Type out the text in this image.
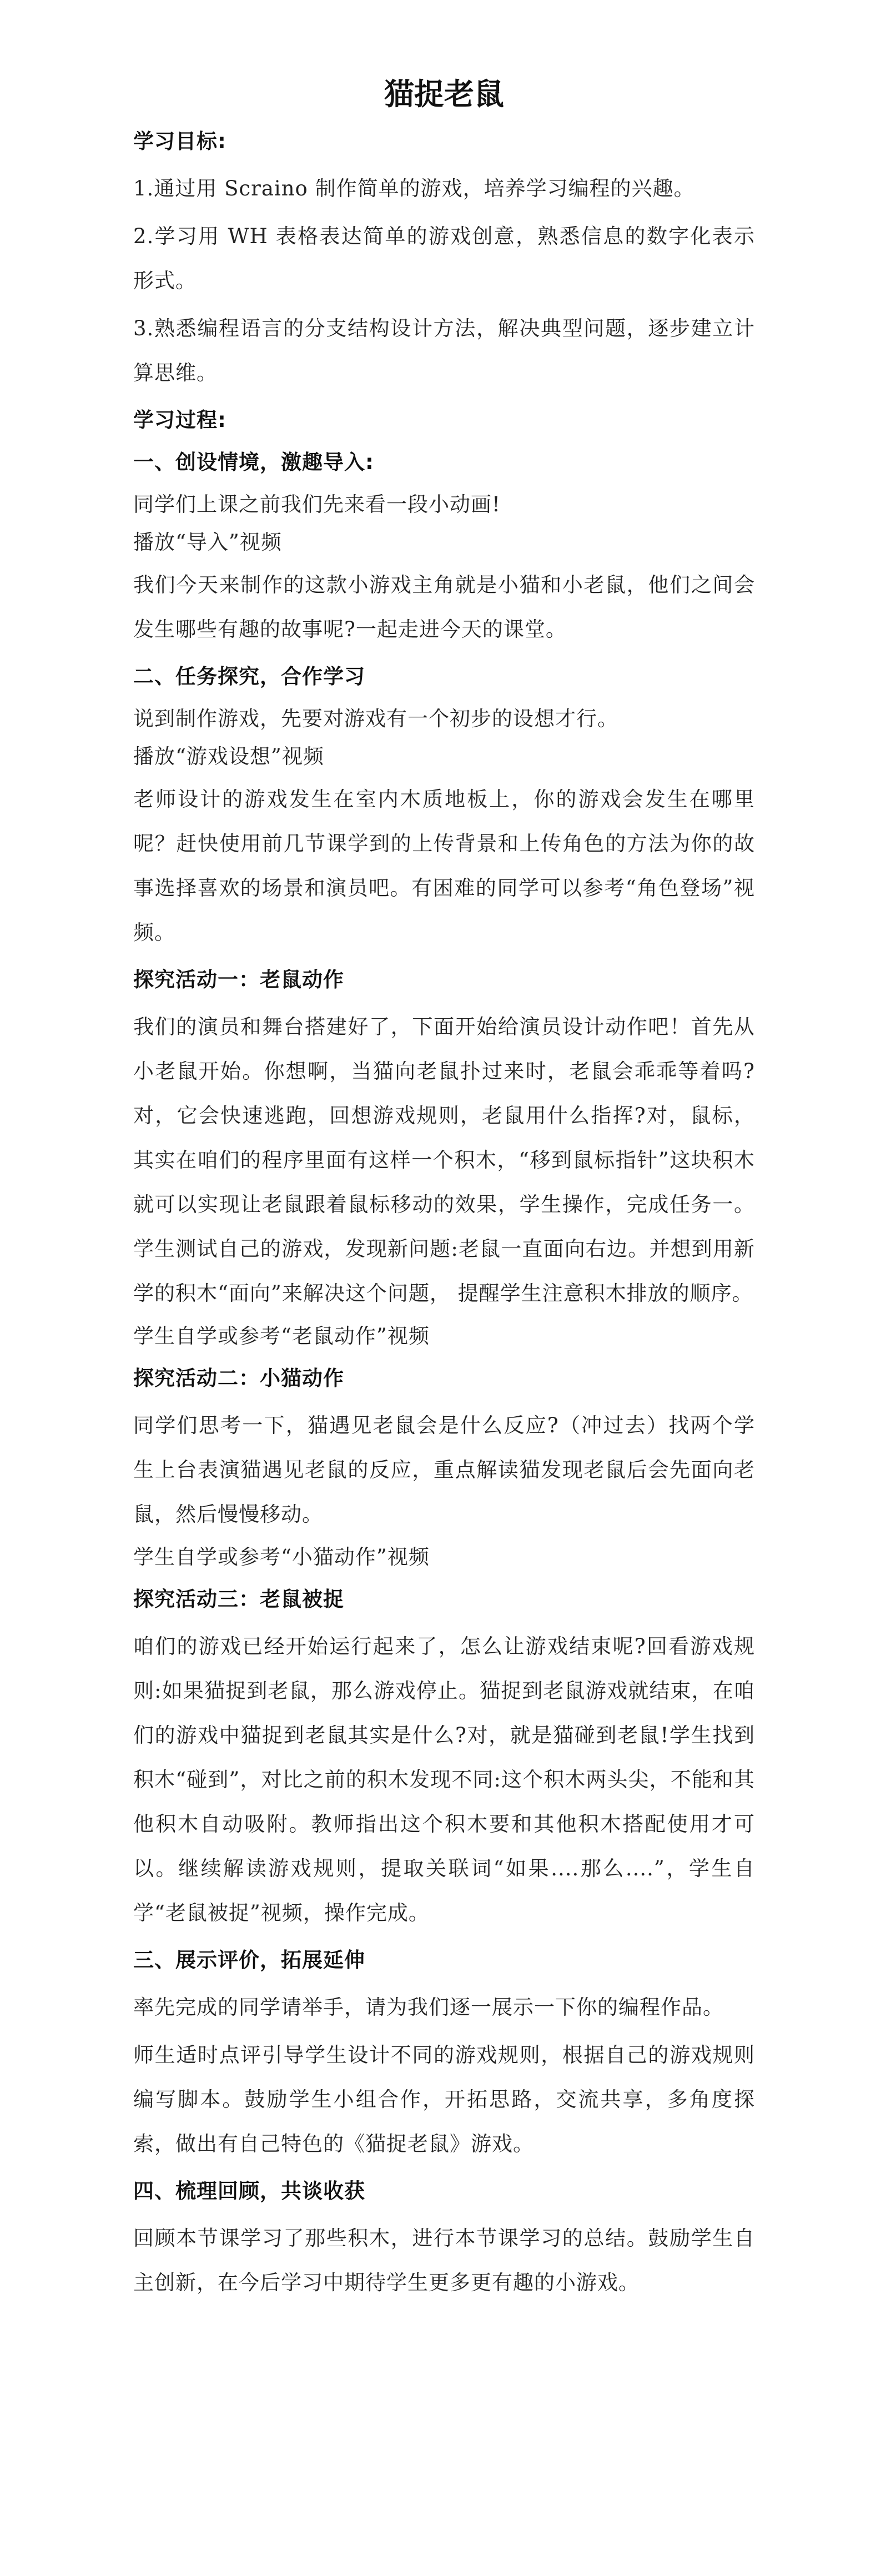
猫捉老鼠
学习目标:
1.通过用 Scraino 制作简单的游戏，培养学习编程的兴趣。
2.学习用 WH 表格表达简单的游戏创意，熟悉信息的数字化表示形式。
3.熟悉编程语言的分支结构设计方法，解决典型问题，逐步建立计算思维。
学习过程:
一、创设情境，激趣导入:
同学们上课之前我们先来看一段小动画!
播放“导入”视频
我们今天来制作的这款小游戏主角就是小猫和小老鼠，他们之间会发生哪些有趣的故事呢?一起走进今天的课堂。
二、任务探究，合作学习
说到制作游戏，先要对游戏有一个初步的设想才行。
播放“游戏设想”视频
老师设计的游戏发生在室内木质地板上，你的游戏会发生在哪里呢？赶快使用前几节课学到的上传背景和上传角色的方法为你的故事选择喜欢的场景和演员吧。有困难的同学可以参考“角色登场”视频。
探究活动一：老鼠动作
我们的演员和舞台搭建好了，下面开始给演员设计动作吧！首先从小老鼠开始。你想啊，当猫向老鼠扑过来时，老鼠会乖乖等着吗?对，它会快速逃跑，回想游戏规则，老鼠用什么指挥?对，鼠标，其实在咱们的程序里面有这样一个积木，“移到鼠标指针”这块积木就可以实现让老鼠跟着鼠标移动的效果，学生操作，完成任务一。学生测试自己的游戏，发现新问题:老鼠一直面向右边。并想到用新学的积木“面向”来解决这个问题， 提醒学生注意积木排放的顺序。
学生自学或参考“老鼠动作”视频
探究活动二：小猫动作
同学们思考一下，猫遇见老鼠会是什么反应?（冲过去）找两个学生上台表演猫遇见老鼠的反应，重点解读猫发现老鼠后会先面向老鼠，然后慢慢移动。
学生自学或参考“小猫动作”视频
探究活动三：老鼠被捉
咱们的游戏已经开始运行起来了，怎么让游戏结束呢?回看游戏规则:如果猫捉到老鼠，那么游戏停止。猫捉到老鼠游戏就结束，在咱们的游戏中猫捉到老鼠其实是什么?对，就是猫碰到老鼠!学生找到积木“碰到”，对比之前的积木发现不同:这个积木两头尖，不能和其他积木自动吸附。教师指出这个积木要和其他积木搭配使用才可以。继续解读游戏规则，提取关联词“如果....那么....”，学生自学“老鼠被捉”视频，操作完成。
三、展示评价，拓展延伸
率先完成的同学请举手，请为我们逐一展示一下你的编程作品。
师生适时点评引导学生设计不同的游戏规则，根据自己的游戏规则编写脚本。鼓励学生小组合作，开拓思路，交流共享，多角度探索，做出有自己特色的《猫捉老鼠》游戏。
四、梳理回顾，共谈收获
回顾本节课学习了那些积木，进行本节课学习的总结。鼓励学生自主创新，在今后学习中期待学生更多更有趣的小游戏。
